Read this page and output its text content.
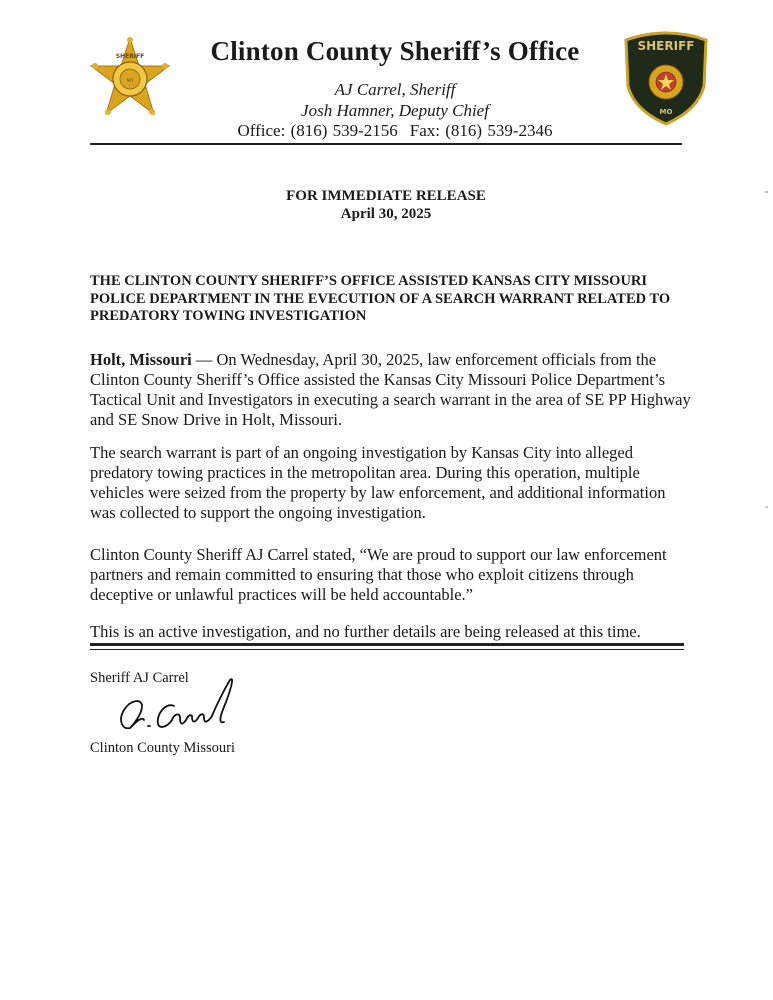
SHERIFF
MO
SHERIFF
MO
Clinton County Sheriff’s Office
AJ Carrel, Sheriff
Josh Hamner, Deputy Chief
Office: (816) 539-2156 Fax: (816) 539-2346
FOR IMMEDIATE RELEASE
April 30, 2025
THE CLINTON COUNTY SHERIFF’S OFFICE ASSISTED KANSAS CITY MISSOURI POLICE DEPARTMENT IN THE EVECUTION OF A SEARCH WARRANT RELATED TO PREDATORY TOWING INVESTIGATION
Holt, Missouri — On Wednesday, April 30, 2025, law enforcement officials from the Clinton County Sheriff’s Office assisted the Kansas City Missouri Police Department’s Tactical Unit and Investigators in executing a search warrant in the area of SE PP Highway and SE Snow Drive in Holt, Missouri.
The search warrant is part of an ongoing investigation by Kansas City into alleged predatory towing practices in the metropolitan area. During this operation, multiple vehicles were seized from the property by law enforcement, and additional information was collected to support the ongoing investigation.
Clinton County Sheriff AJ Carrel stated, “We are proud to support our law enforcement partners and remain committed to ensuring that those who exploit citizens through deceptive or unlawful practices will be held accountable.”
This is an active investigation, and no further details are being released at this time.
Sheriff AJ Carrel
Clinton County Missouri
